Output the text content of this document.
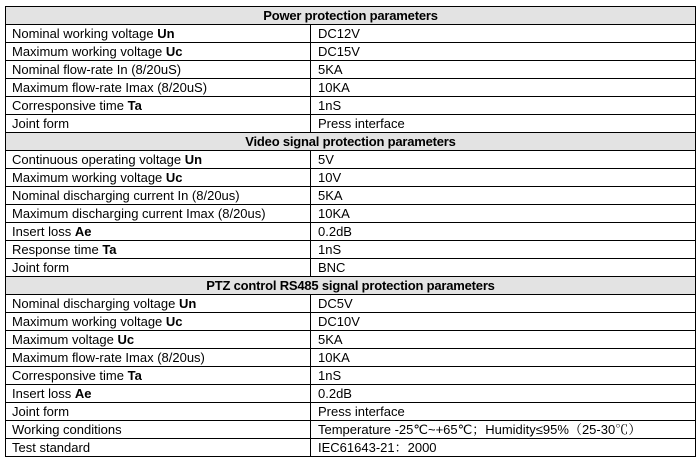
Power protection parameters	
Nominal working voltage Un	DC12V
Maximum working voltage Uc	DC15V
Nominal flow-rate In (8/20uS)	5KA
Maximum flow-rate Imax (8/20uS)	10KA
Corresponsive time Ta	1nS
Joint form	Press interface
Video signal protection parameters	
Continuous operating voltage Un	5V
Maximum working voltage Uc	10V
Nominal discharging current In (8/20us)	5KA
Maximum discharging current Imax (8/20us)	10KA
Insert loss Ae	0.2dB
Response time Ta	1nS
Joint form	BNC
PTZ control RS485 signal protection parameters	
Nominal discharging voltage Un	DC5V
Maximum working voltage Uc	DC10V
Maximum voltage Uc	5KA
Maximum flow-rate Imax (8/20us)	10KA
Corresponsive time Ta	1nS
Insert loss Ae	0.2dB
Joint form	Press interface
Working conditions	Temperature -25℃~+65℃；Humidity≤95%（25-30℃）
Test standard	IEC61643-21：2000
